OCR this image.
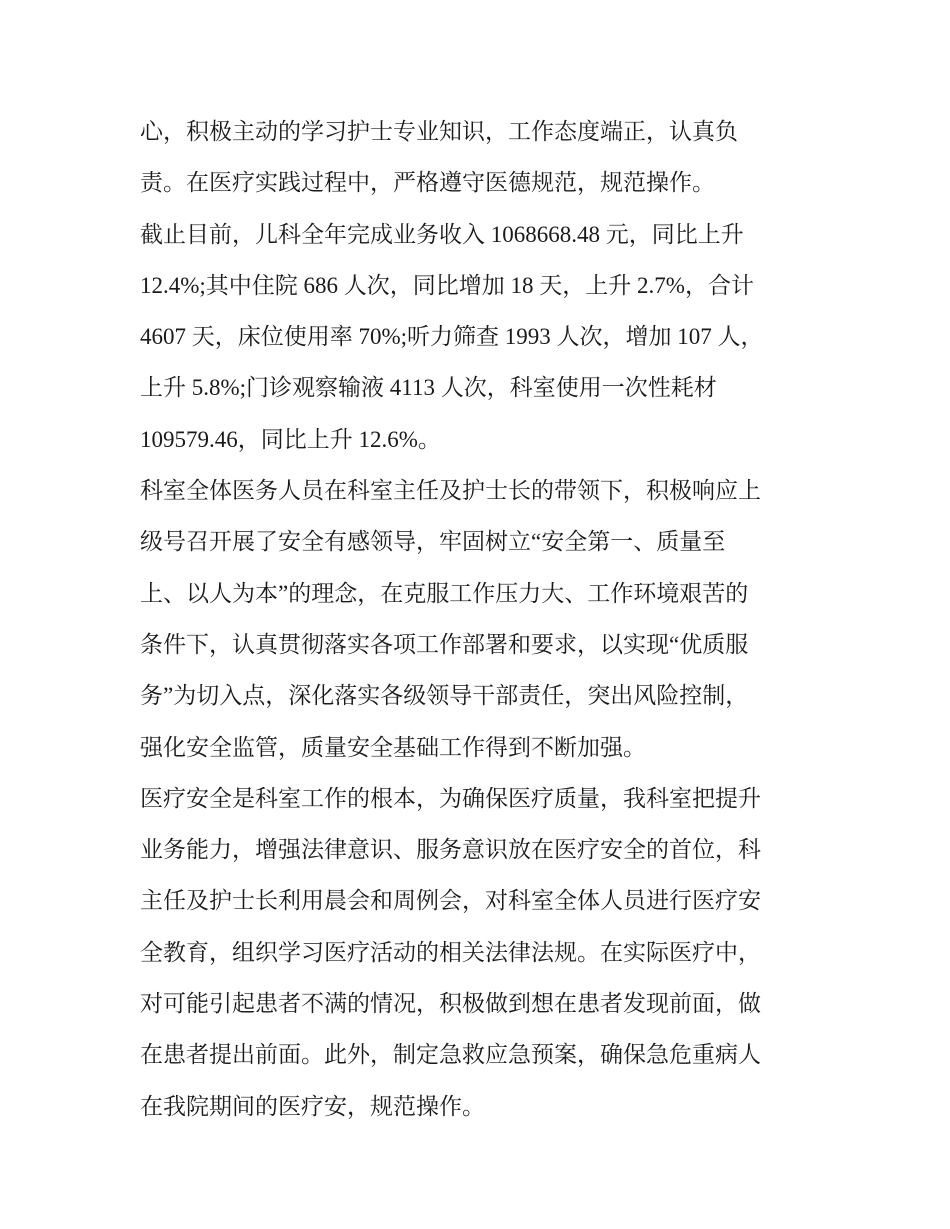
心，积极主动的学习护士专业知识，工作态度端正，认真负
责。在医疗实践过程中，严格遵守医德规范，规范操作。
截止目前，儿科全年完成业务收入 1068668.48 元，同比上升
12.4%;其中住院 686 人次，同比增加 18 天，上升 2.7%，合计
4607 天，床位使用率 70%;听力筛查 1993 人次，增加 107 人，
上升 5.8%;门诊观察输液 4113 人次，科室使用一次性耗材
109579.46，同比上升 12.6%。
科室全体医务人员在科室主任及护士长的带领下，积极响应上
级号召开展了安全有感领导，牢固树立“安全第一、质量至
上、以人为本”的理念，在克服工作压力大、工作环境艰苦的
条件下，认真贯彻落实各项工作部署和要求，以实现“优质服
务”为切入点，深化落实各级领导干部责任，突出风险控制，
强化安全监管，质量安全基础工作得到不断加强。
医疗安全是科室工作的根本，为确保医疗质量，我科室把提升
业务能力，增强法律意识、服务意识放在医疗安全的首位，科
主任及护士长利用晨会和周例会，对科室全体人员进行医疗安
全教育，组织学习医疗活动的相关法律法规。在实际医疗中，
对可能引起患者不满的情况，积极做到想在患者发现前面，做
在患者提出前面。此外，制定急救应急预案，确保急危重病人
在我院期间的医疗安，规范操作。
